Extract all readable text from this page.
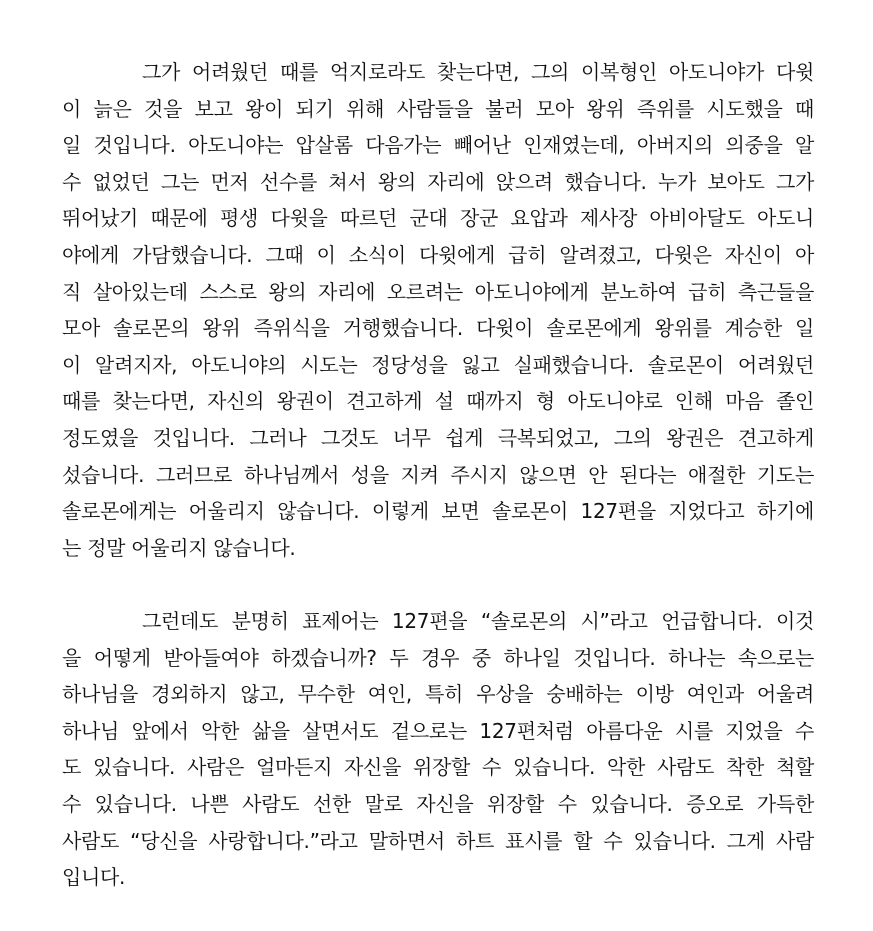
그가 어려웠던 때를 억지로라도 찾는다면, 그의 이복형인 아도니야가 다윗
이 늙은 것을 보고 왕이 되기 위해 사람들을 불러 모아 왕위 즉위를 시도했을 때
일 것입니다. 아도니야는 압살롬 다음가는 빼어난 인재였는데, 아버지의 의중을 알
수 없었던 그는 먼저 선수를 쳐서 왕의 자리에 앉으려 했습니다. 누가 보아도 그가
뛰어났기 때문에 평생 다윗을 따르던 군대 장군 요압과 제사장 아비아달도 아도니
야에게 가담했습니다. 그때 이 소식이 다윗에게 급히 알려졌고, 다윗은 자신이 아
직 살아있는데 스스로 왕의 자리에 오르려는 아도니야에게 분노하여 급히 측근들을
모아 솔로몬의 왕위 즉위식을 거행했습니다. 다윗이 솔로몬에게 왕위를 계승한 일
이 알려지자, 아도니야의 시도는 정당성을 잃고 실패했습니다. 솔로몬이 어려웠던
때를 찾는다면, 자신의 왕권이 견고하게 설 때까지 형 아도니야로 인해 마음 졸인
정도였을 것입니다. 그러나 그것도 너무 쉽게 극복되었고, 그의 왕권은 견고하게
섰습니다. 그러므로 하나님께서 성을 지켜 주시지 않으면 안 된다는 애절한 기도는
솔로몬에게는 어울리지 않습니다. 이렇게 보면 솔로몬이 127편을 지었다고 하기에
는 정말 어울리지 않습니다.
그런데도 분명히 표제어는 127편을 “솔로몬의 시”라고 언급합니다. 이것
을 어떻게 받아들여야 하겠습니까? 두 경우 중 하나일 것입니다. 하나는 속으로는
하나님을 경외하지 않고, 무수한 여인, 특히 우상을 숭배하는 이방 여인과 어울려
하나님 앞에서 악한 삶을 살면서도 겉으로는 127편처럼 아름다운 시를 지었을 수
도 있습니다. 사람은 얼마든지 자신을 위장할 수 있습니다. 악한 사람도 착한 척할
수 있습니다. 나쁜 사람도 선한 말로 자신을 위장할 수 있습니다. 증오로 가득한
사람도 “당신을 사랑합니다.”라고 말하면서 하트 표시를 할 수 있습니다. 그게 사람
입니다.
